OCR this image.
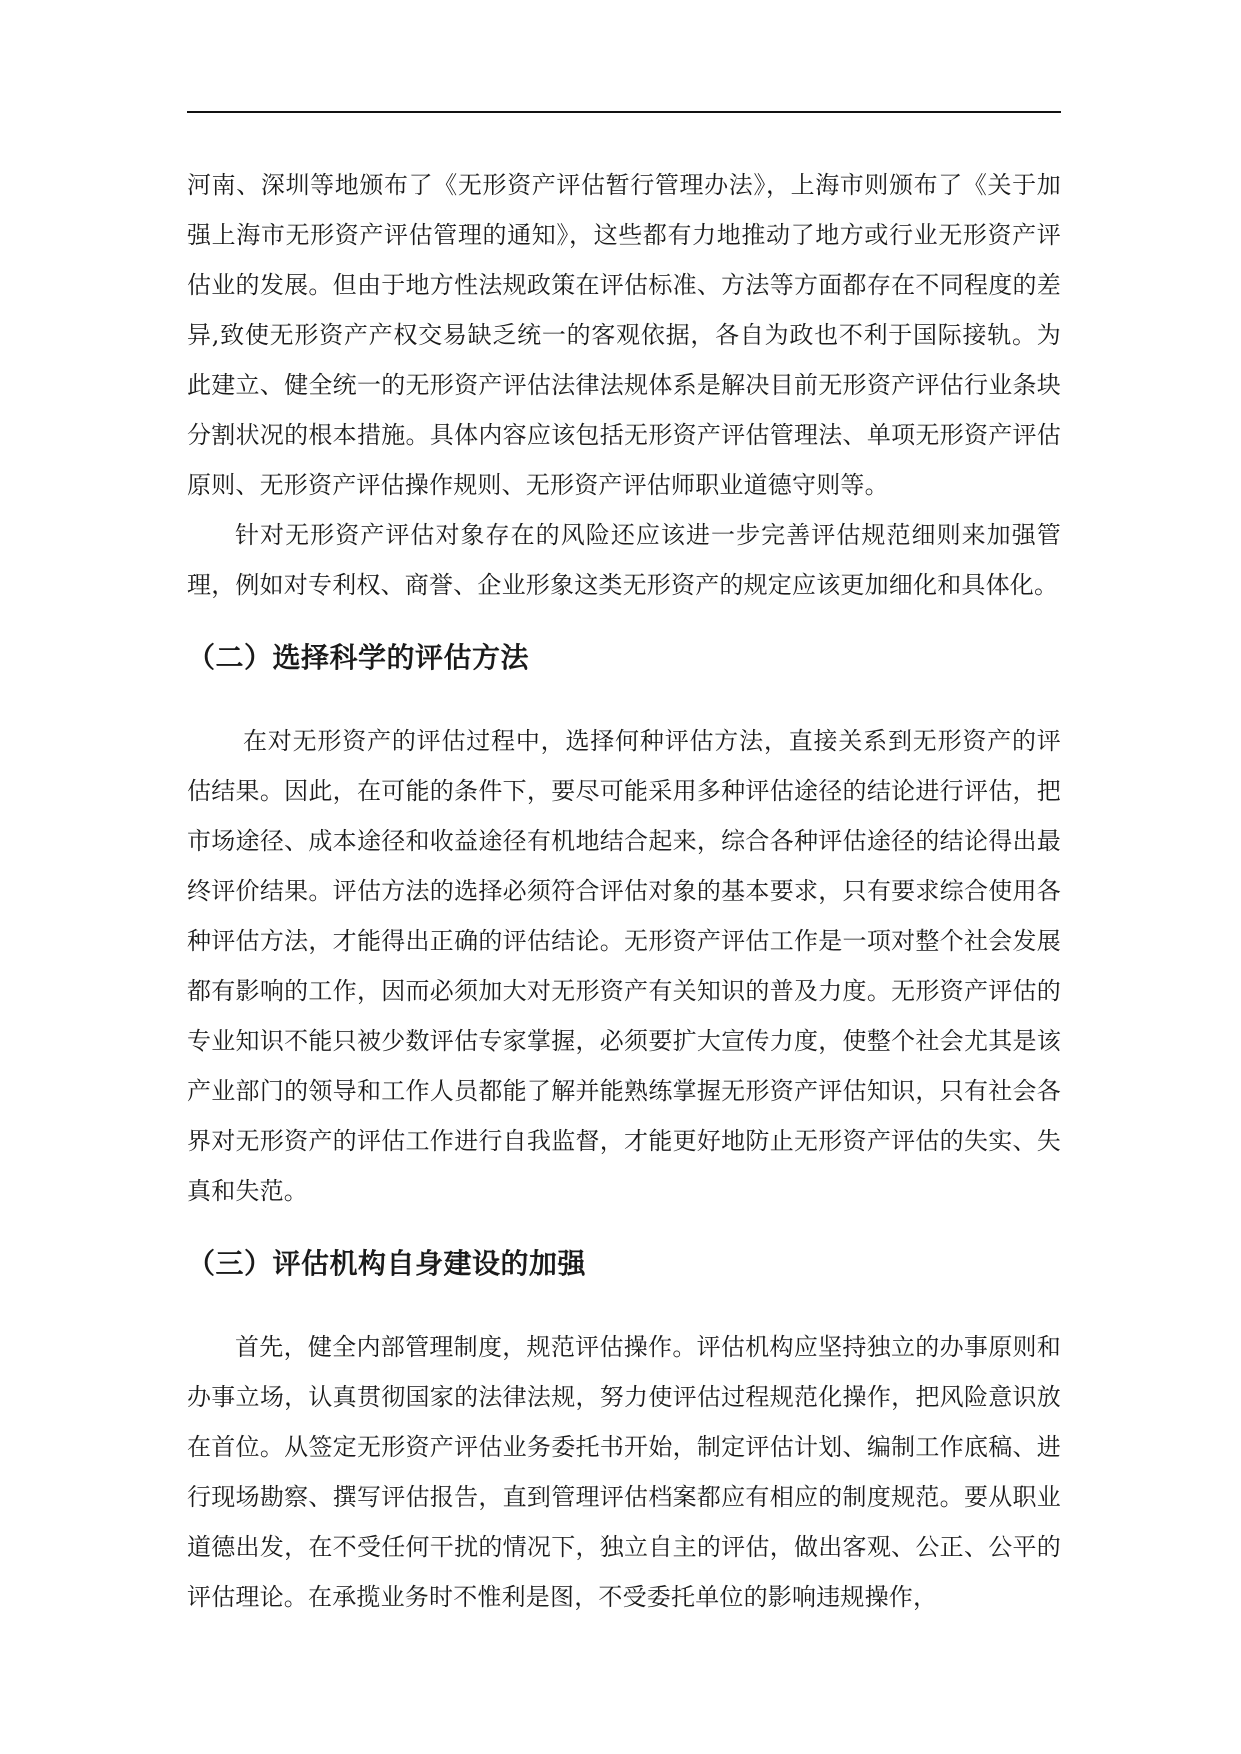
河南、深圳等地颁布了《无形资产评估暂行管理办法》，上海市则颁布了《关于加强上海市无形资产评估管理的通知》，这些都有力地推动了地方或行业无形资产评估业的发展。但由于地方性法规政策在评估标准、方法等方面都存在不同程度的差异,致使无形资产产权交易缺乏统一的客观依据，各自为政也不利于国际接轨。为此建立、健全统一的无形资产评估法律法规体系是解决目前无形资产评估行业条块分割状况的根本措施。具体内容应该包括无形资产评估管理法、单项无形资产评估原则、无形资产评估操作规则、无形资产评估师职业道德守则等。

针对无形资产评估对象存在的风险还应该进一步完善评估规范细则来加强管理，例如对专利权、商誉、企业形象这类无形资产的规定应该更加细化和具体化。

（二）选择科学的评估方法

在对无形资产的评估过程中，选择何种评估方法，直接关系到无形资产的评估结果。因此，在可能的条件下，要尽可能采用多种评估途径的结论进行评估，把市场途径、成本途径和收益途径有机地结合起来，综合各种评估途径的结论得出最终评价结果。评估方法的选择必须符合评估对象的基本要求，只有要求综合使用各种评估方法，才能得出正确的评估结论。无形资产评估工作是一项对整个社会发展都有影响的工作，因而必须加大对无形资产有关知识的普及力度。无形资产评估的专业知识不能只被少数评估专家掌握，必须要扩大宣传力度，使整个社会尤其是该产业部门的领导和工作人员都能了解并能熟练掌握无形资产评估知识，只有社会各界对无形资产的评估工作进行自我监督，才能更好地防止无形资产评估的失实、失真和失范。

（三）评估机构自身建设的加强

首先，健全内部管理制度，规范评估操作。评估机构应坚持独立的办事原则和办事立场，认真贯彻国家的法律法规，努力使评估过程规范化操作，把风险意识放在首位。从签定无形资产评估业务委托书开始，制定评估计划、编制工作底稿、进行现场勘察、撰写评估报告，直到管理评估档案都应有相应的制度规范。要从职业道德出发，在不受任何干扰的情况下，独立自主的评估，做出客观、公正、公平的评估理论。在承揽业务时不惟利是图，不受委托单位的影响违规操作，
